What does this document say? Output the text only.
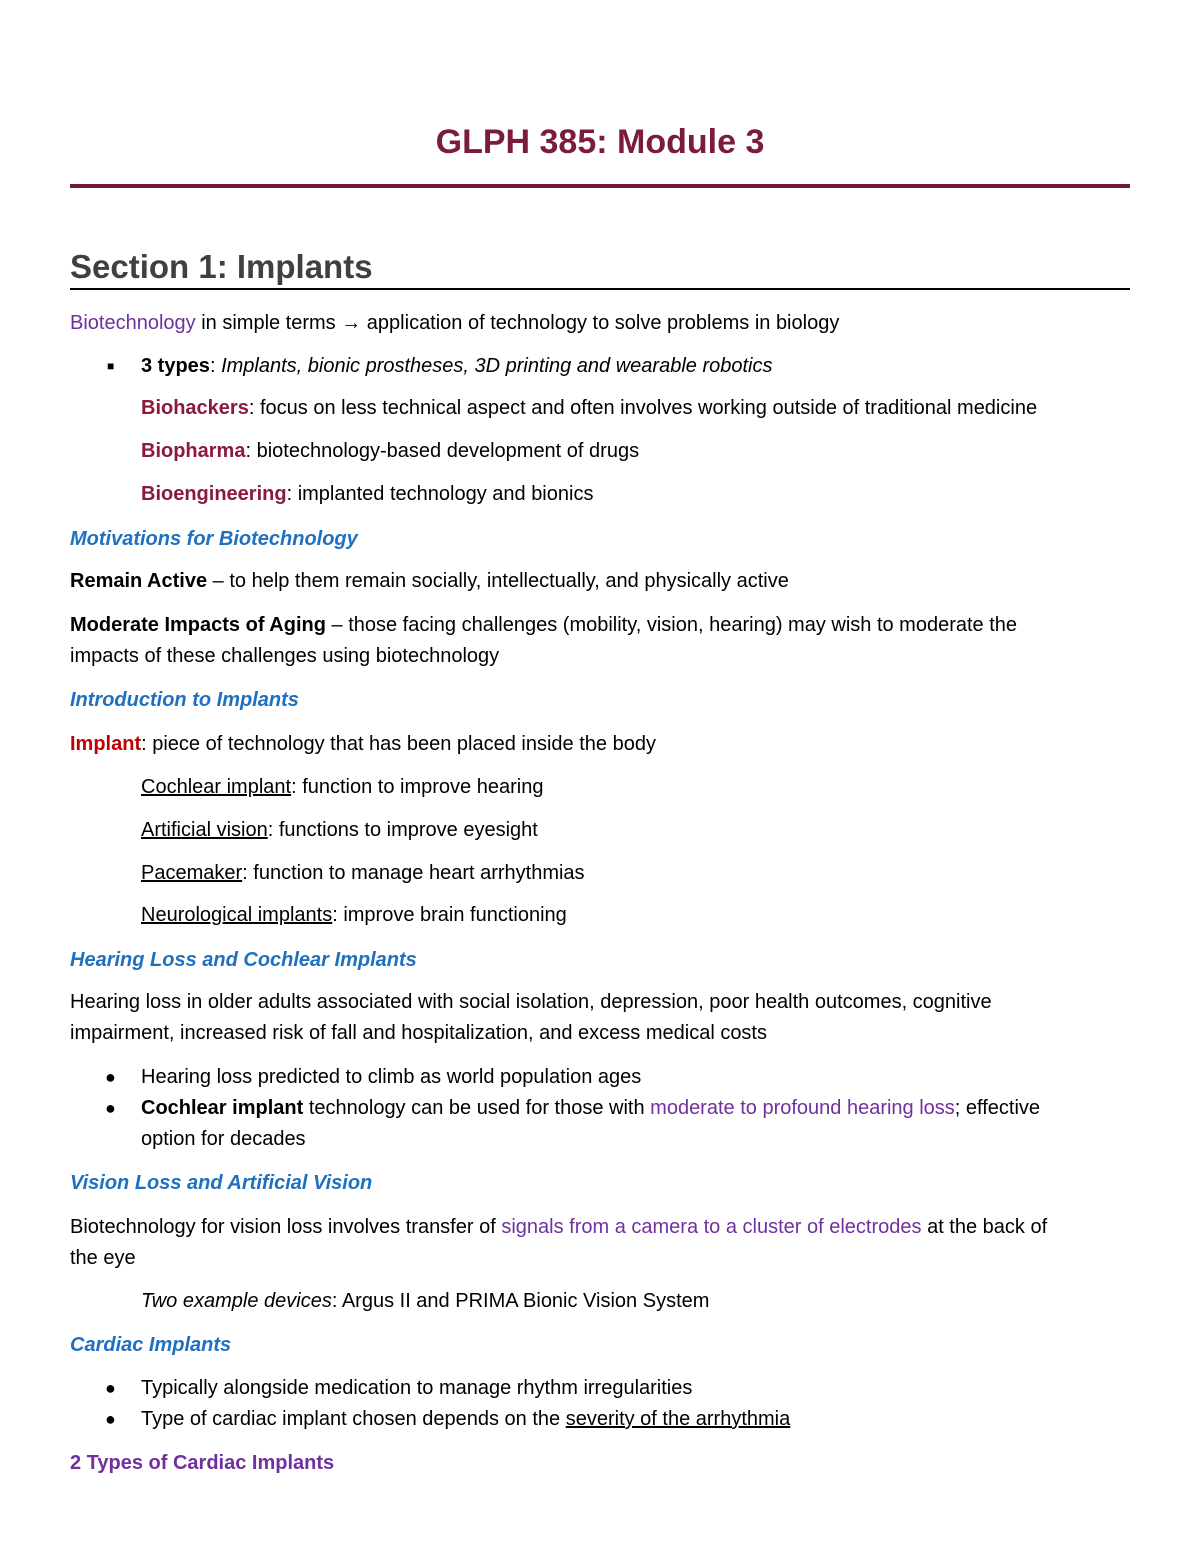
GLPH 385: Module 3
Section 1: Implants
Biotechnology in simple terms → application of technology to solve problems in biology
■ 3 types: Implants, bionic prostheses, 3D printing and wearable robotics
Biohackers: focus on less technical aspect and often involves working outside of traditional medicine
Biopharma: biotechnology-based development of drugs
Bioengineering: implanted technology and bionics
Motivations for Biotechnology
Remain Active – to help them remain socially, intellectually, and physically active
Moderate Impacts of Aging – those facing challenges (mobility, vision, hearing) may wish to moderate the
impacts of these challenges using biotechnology
Introduction to Implants
Implant: piece of technology that has been placed inside the body
Cochlear implant: function to improve hearing
Artificial vision: functions to improve eyesight
Pacemaker: function to manage heart arrhythmias
Neurological implants: improve brain functioning
Hearing Loss and Cochlear Implants
Hearing loss in older adults associated with social isolation, depression, poor health outcomes, cognitive
impairment, increased risk of fall and hospitalization, and excess medical costs
● Hearing loss predicted to climb as world population ages
● Cochlear implant technology can be used for those with moderate to profound hearing loss; effective
option for decades
Vision Loss and Artificial Vision
Biotechnology for vision loss involves transfer of signals from a camera to a cluster of electrodes at the back of
the eye
Two example devices: Argus II and PRIMA Bionic Vision System
Cardiac Implants
● Typically alongside medication to manage rhythm irregularities
● Type of cardiac implant chosen depends on the severity of the arrhythmia
2 Types of Cardiac Implants
